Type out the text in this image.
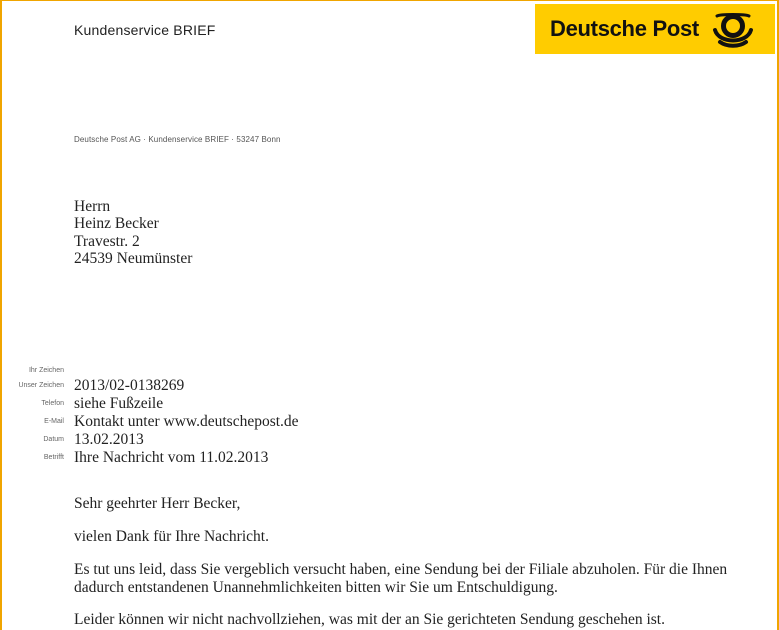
Kundenservice BRIEF	Deutsche Post
Deutsche Post AG · Kundenservice BRIEF · 53247 Bonn
Herrn
Heinz Becker
Travestr. 2
24539 Neumünster
Ihr Zeichen
Unser Zeichen 2013/02-0138269
Telefon siehe Fußzeile
E-Mail Kontakt unter www.deutschepost.de
Datum 13.02.2013
Betrifft Ihre Nachricht vom 11.02.2013
Sehr geehrter Herr Becker,
vielen Dank für Ihre Nachricht.
Es tut uns leid, dass Sie vergeblich versucht haben, eine Sendung bei der Filiale abzuholen. Für die Ihnen dadurch entstandenen Unannehmlichkeiten bitten wir Sie um Entschuldigung.
Leider können wir nicht nachvollziehen, was mit der an Sie gerichteten Sendung geschehen ist.
